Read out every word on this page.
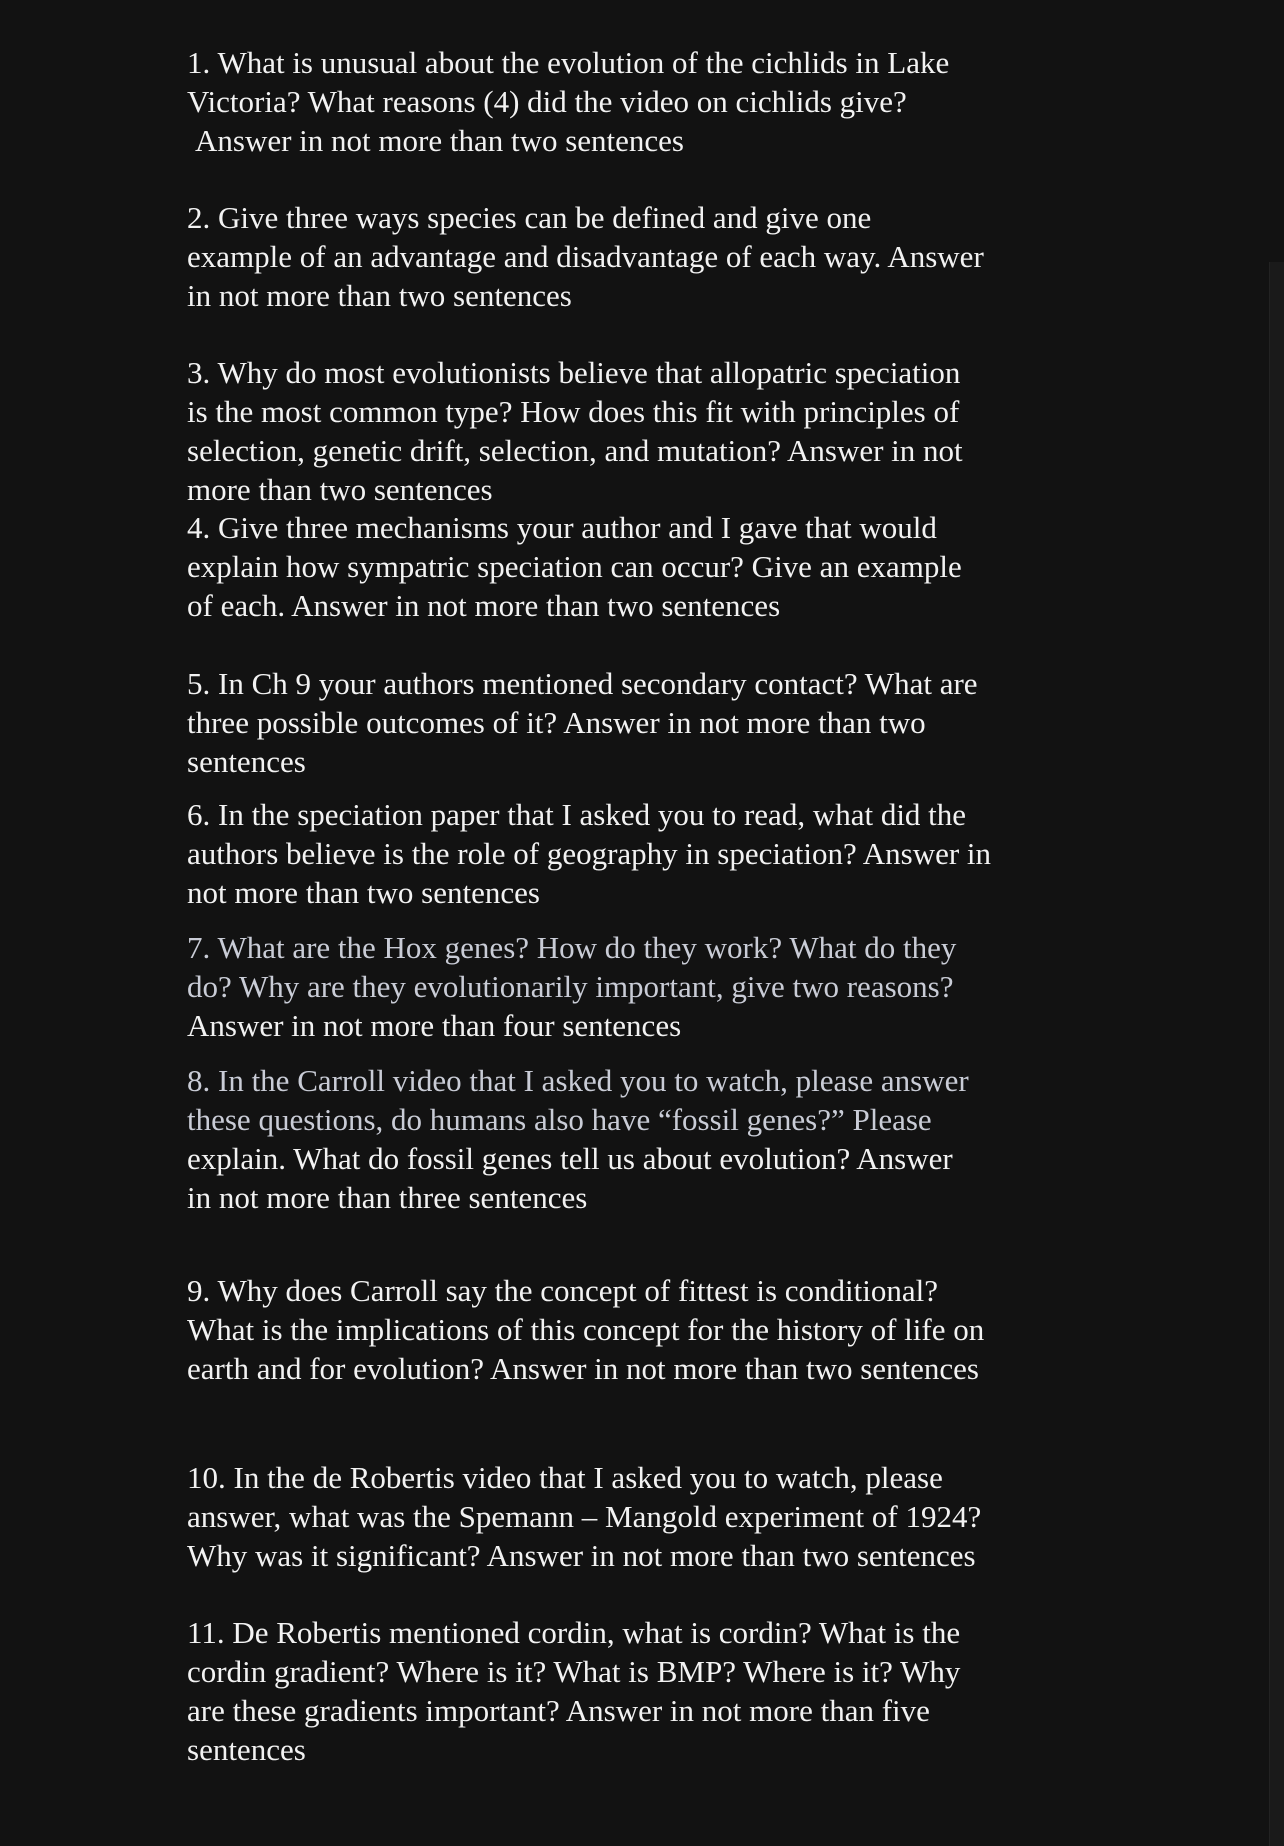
1. What is unusual about the evolution of the cichlids in Lake
Victoria? What reasons (4) did the video on cichlids give?
Answer in not more than two sentences
2. Give three ways species can be defined and give one
example of an advantage and disadvantage of each way. Answer
in not more than two sentences
3. Why do most evolutionists believe that allopatric speciation
is the most common type? How does this fit with principles of
selection, genetic drift, selection, and mutation? Answer in not
more than two sentences
4. Give three mechanisms your author and I gave that would
explain how sympatric speciation can occur? Give an example
of each. Answer in not more than two sentences
5. In Ch 9 your authors mentioned secondary contact? What are
three possible outcomes of it? Answer in not more than two
sentences
6. In the speciation paper that I asked you to read, what did the
authors believe is the role of geography in speciation? Answer in
not more than two sentences
7. What are the Hox genes? How do they work? What do they
do? Why are they evolutionarily important, give two reasons?
Answer in not more than four sentences
8. In the Carroll video that I asked you to watch, please answer
these questions, do humans also have “fossil genes?” Please
explain. What do fossil genes tell us about evolution? Answer
in not more than three sentences
9. Why does Carroll say the concept of fittest is conditional?
What is the implications of this concept for the history of life on
earth and for evolution? Answer in not more than two sentences
10. In the de Robertis video that I asked you to watch, please
answer, what was the Spemann – Mangold experiment of 1924?
Why was it significant? Answer in not more than two sentences
11. De Robertis mentioned cordin, what is cordin? What is the
cordin gradient? Where is it? What is BMP? Where is it? Why
are these gradients important? Answer in not more than five
sentences
